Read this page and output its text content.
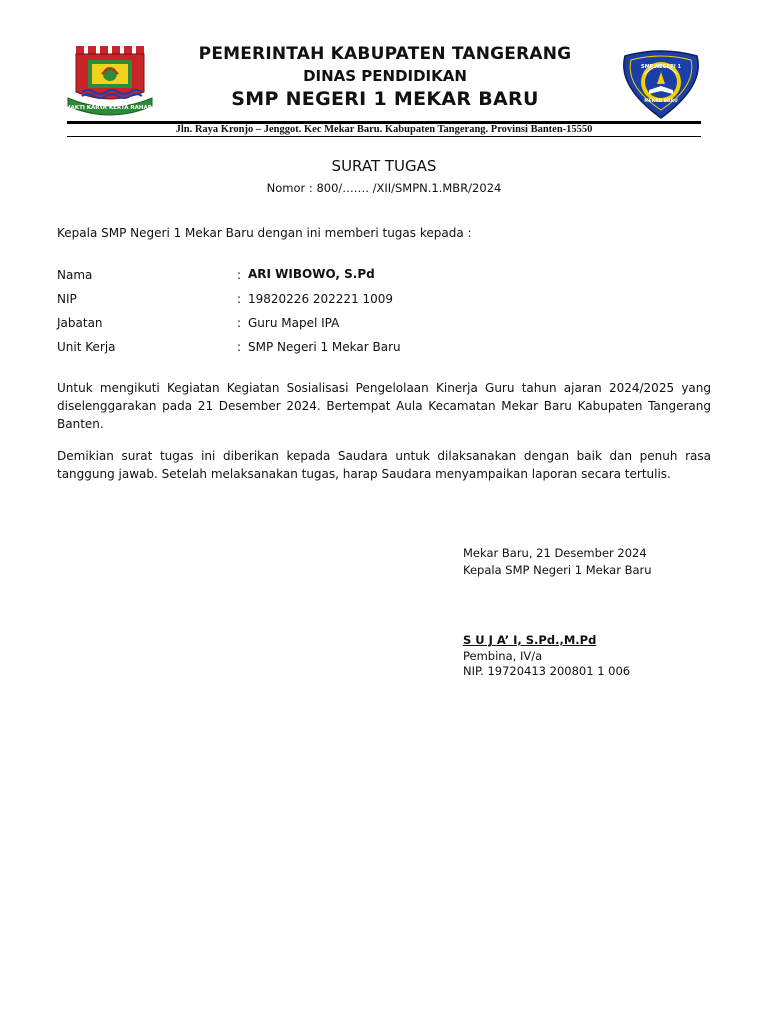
BHAKTI KARYA KERTA RAHARJA
PEMERINTAH KABUPATEN TANGERANG
DINAS PENDIDIKAN
SMP NEGERI 1 MEKAR BARU
SMP NEGERI 1
MEKAR BARU
Jln. Raya Kronjo – Jenggot. Kec Mekar Baru. Kabupaten Tangerang. Provinsi Banten-15550
SURAT TUGAS
Nomor : 800/……. /XII/SMPN.1.MBR/2024
Kepala SMP Negeri 1 Mekar Baru dengan ini memberi tugas kepada :
Nama	: ARI WIBOWO, S.Pd
NIP	: 19820226 202221 1009
Jabatan	: Guru Mapel IPA
Unit Kerja	: SMP Negeri 1 Mekar Baru
Untuk mengikuti Kegiatan Kegiatan Sosialisasi Pengelolaan Kinerja Guru tahun ajaran 2024/2025 yang diselenggarakan pada 21 Desember 2024. Bertempat Aula Kecamatan Mekar Baru Kabupaten Tangerang Banten.
Demikian surat tugas ini diberikan kepada Saudara untuk dilaksanakan dengan baik dan penuh rasa tanggung jawab. Setelah melaksanakan tugas, harap Saudara menyampaikan laporan secara tertulis.
Mekar Baru, 21 Desember 2024
Kepala SMP Negeri 1 Mekar Baru
S U J A’ I, S.Pd.,M.Pd
Pembina, IV/a
NIP. 19720413 200801 1 006
